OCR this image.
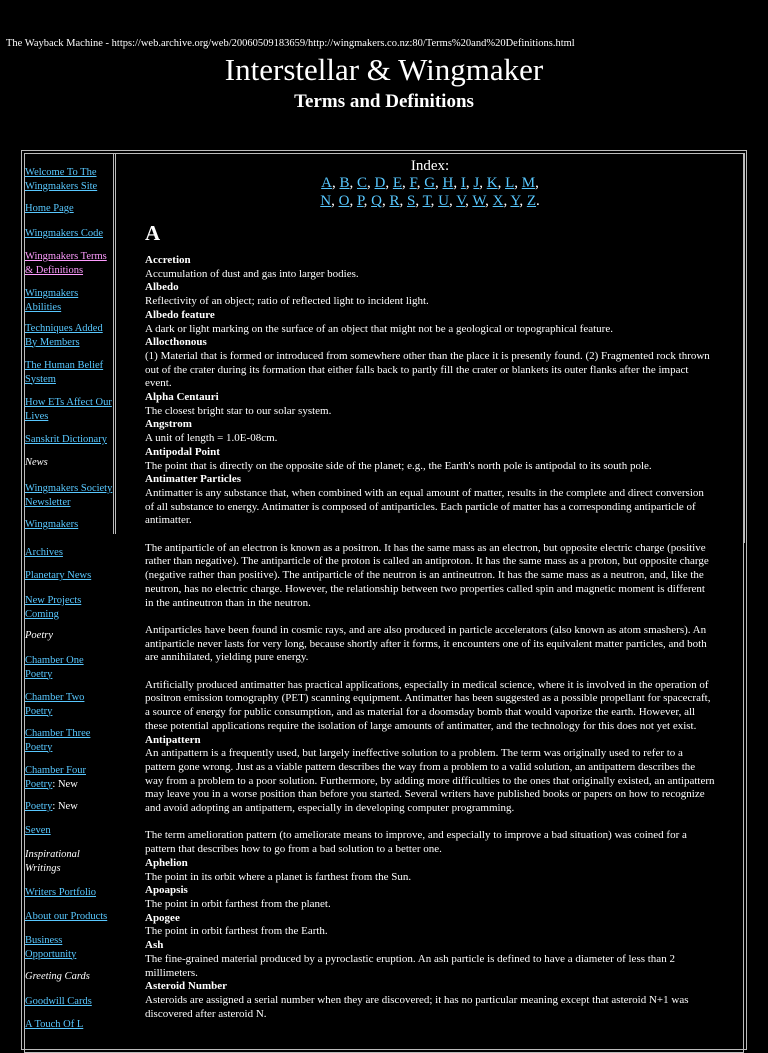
The Wayback Machine - https://web.archive.org/web/20060509183659/http://wingmakers.co.nz:80/Terms%20and%20Definitions.html
Interstellar & Wingmaker
Terms and Definitions
Welcome To The Wingmakers Site
Home Page
Wingmakers Code
Wingmakers Terms & Definitions
Wingmakers Abilities
Techniques Added By Members
The Human Belief System
How ETs Affect Our Lives
Sanskrit Dictionary
News
Wingmakers Society Newsletter
Wingmakers
Archives
Planetary News
New Projects Coming
Poetry
Chamber One Poetry
Chamber Two Poetry
Chamber Three Poetry
Chamber Four Poetry: New
Poetry: New
Seven
Inspirational Writings
Writers Portfolio
About our Products
Business Opportunity
Greeting Cards
Goodwill Cards
A Touch Of L
Index:
A, B, C, D, E, F, G, H, I, J, K, L, M,
N, O, P, Q, R, S, T, U, V, W, X, Y, Z.
A
Accretion
Accumulation of dust and gas into larger bodies.
Albedo
Reflectivity of an object; ratio of reflected light to incident light.
Albedo feature
A dark or light marking on the surface of an object that might not be a geological or topographical feature.
Allocthonous
(1) Material that is formed or introduced from somewhere other than the place it is presently found. (2) Fragmented rock thrown out of the crater during its formation that either falls back to partly fill the crater or blankets its outer flanks after the impact event.
Alpha Centauri
The closest bright star to our solar system.
Angstrom
A unit of length = 1.0E-08cm.
Antipodal Point
The point that is directly on the opposite side of the planet; e.g., the Earth's north pole is antipodal to its south pole.
Antimatter Particles
Antimatter is any substance that, when combined with an equal amount of matter, results in the complete and direct conversion of all substance to energy. Antimatter is composed of antiparticles. Each particle of matter has a corresponding antiparticle of antimatter.
The antiparticle of an electron is known as a positron. It has the same mass as an electron, but opposite electric charge (positive rather than negative). The antiparticle of the proton is called an antiproton. It has the same mass as a proton, but opposite charge (negative rather than positive). The antiparticle of the neutron is an antineutron. It has the same mass as a neutron, and, like the neutron, has no electric charge. However, the relationship between two properties called spin and magnetic moment is different in the antineutron than in the neutron.
Antiparticles have been found in cosmic rays, and are also produced in particle accelerators (also known as atom smashers). An antiparticle never lasts for very long, because shortly after it forms, it encounters one of its equivalent matter particles, and both are annihilated, yielding pure energy.
Artificially produced antimatter has practical applications, especially in medical science, where it is involved in the operation of positron emission tomography (PET) scanning equipment. Antimatter has been suggested as a possible propellant for spacecraft, a source of energy for public consumption, and as material for a doomsday bomb that would vaporize the earth. However, all these potential applications require the isolation of large amounts of antimatter, and the technology for this does not yet exist.
Antipattern
An antipattern is a frequently used, but largely ineffective solution to a problem. The term was originally used to refer to a pattern gone wrong. Just as a viable pattern describes the way from a problem to a valid solution, an antipattern describes the way from a problem to a poor solution. Furthermore, by adding more difficulties to the ones that originally existed, an antipattern may leave you in a worse position than before you started. Several writers have published books or papers on how to recognize and avoid adopting an antipattern, especially in developing computer programming.
The term amelioration pattern (to ameliorate means to improve, and especially to improve a bad situation) was coined for a pattern that describes how to go from a bad solution to a better one.
Aphelion
The point in its orbit where a planet is farthest from the Sun.
Apoapsis
The point in orbit farthest from the planet.
Apogee
The point in orbit farthest from the Earth.
Ash
The fine-grained material produced by a pyroclastic eruption. An ash particle is defined to have a diameter of less than 2 millimeters.
Asteroid Number
Asteroids are assigned a serial number when they are discovered; it has no particular meaning except that asteroid N+1 was discovered after asteroid N.
